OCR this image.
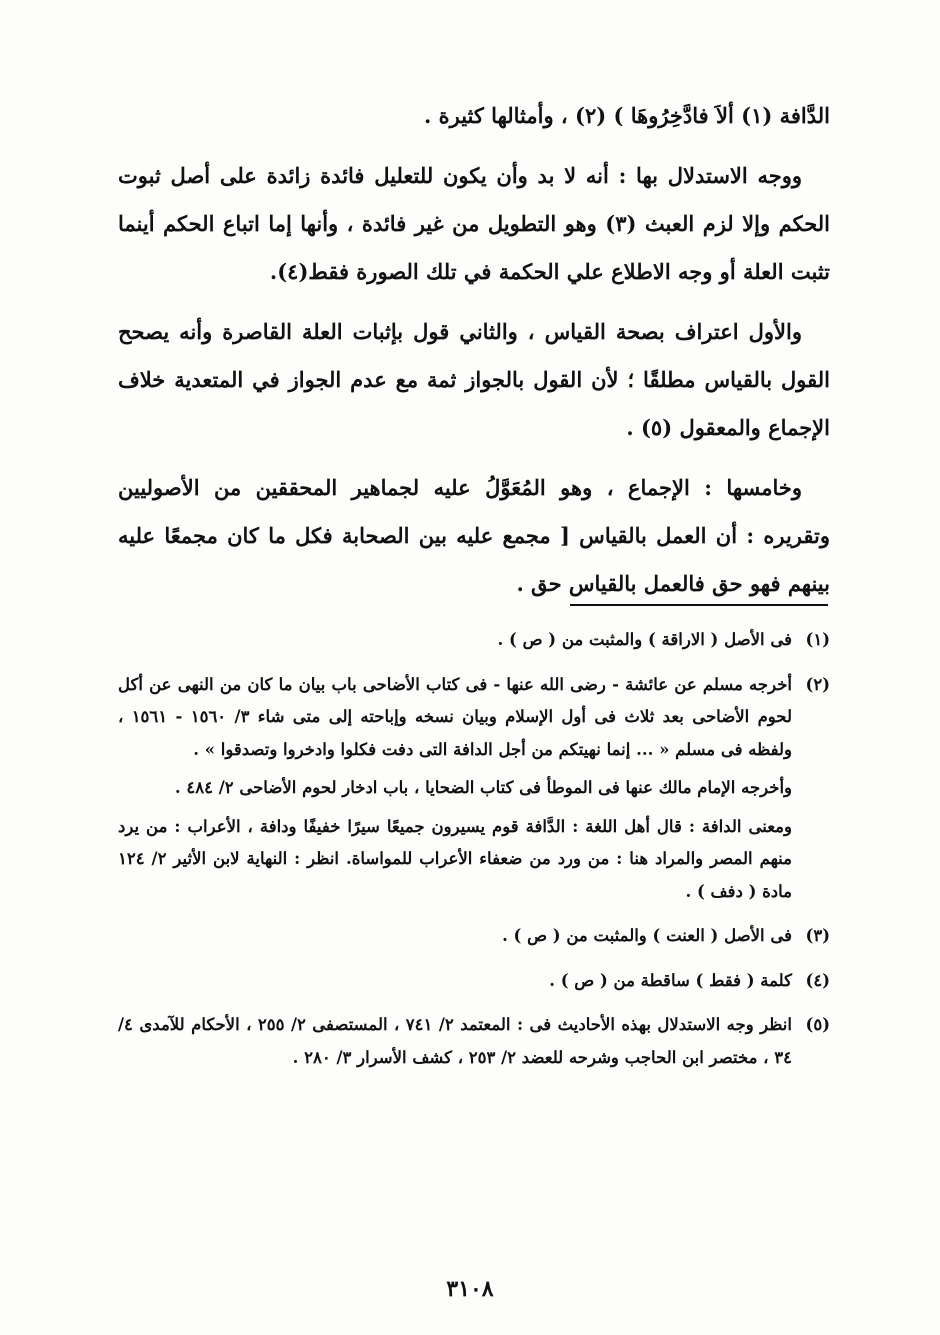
الدَّافة (١) ألاَ فادَّخِرُوهَا ) (٢) ، وأمثالها كثيرة .

ووجه الاستدلال بها : أنه لا بد وأن يكون للتعليل فائدة زائدة على أصل ثبوت الحكم وإلا لزم العبث (٣) وهو التطويل من غير فائدة ، وأنها إما اتباع الحكم أينما تثبت العلة أو وجه الاطلاع علي الحكمة في تلك الصورة فقط(٤).

والأول اعتراف بصحة القياس ، والثاني قول بإثبات العلة القاصرة وأنه يصحح القول بالقياس مطلقًا ؛ لأن القول بالجواز ثمة مع عدم الجواز في المتعدية خلاف الإجماع والمعقول (٥) .

وخامسها : الإجماع ، وهو المُعَوَّلُ عليه لجماهير المحققين من الأصوليين وتقريره : أن العمل بالقياس [ مجمع عليه بين الصحابة فكل ما كان مجمعًا عليه بينهم فهو حق فالعمل بالقياس حق .

(١)

فى الأصل ( الاراقة ) والمثبت من ( ص ) .

(٢)

أخرجه مسلم عن عائشة - رضى الله عنها - فى كتاب الأضاحى باب بيان ما كان من النهى عن أكل لحوم الأضاحى بعد ثلاث فى أول الإسلام وبيان نسخه وإباحته إلى متى شاء ٣/ ١٥٦٠ - ١٥٦١ ، ولفظه فى مسلم « ... إنما نهيتكم من أجل الدافة التى دفت فكلوا وادخروا وتصدقوا » .

وأخرجه الإمام مالك عنها فى الموطأ فى كتاب الضحايا ، باب ادخار لحوم الأضاحى ٢/ ٤٨٤ .

ومعنى الدافة : قال أهل اللغة : الدَّافة قوم يسيرون جميعًا سيرًا خفيفًا ودافة ، الأعراب : من يرد منهم المصر والمراد هنا : من ورد من ضعفاء الأعراب للمواساة. انظر : النهاية لابن الأثير ٢/ ١٢٤ مادة ( دفف ) .

(٣)

فى الأصل ( العنت ) والمثبت من ( ص ) .

(٤)

كلمة ( فقط ) ساقطة من ( ص ) .

(٥)

انظر وجه الاستدلال بهذه الأحاديث فى : المعتمد ٢/ ٧٤١ ، المستصفى ٢/ ٢٥٥ ، الأحكام للآمدى ٤/ ٣٤ ، مختصر ابن الحاجب وشرحه للعضد ٢/ ٢٥٣ ، كشف الأسرار ٣/ ٢٨٠ .

٣١٠٨
